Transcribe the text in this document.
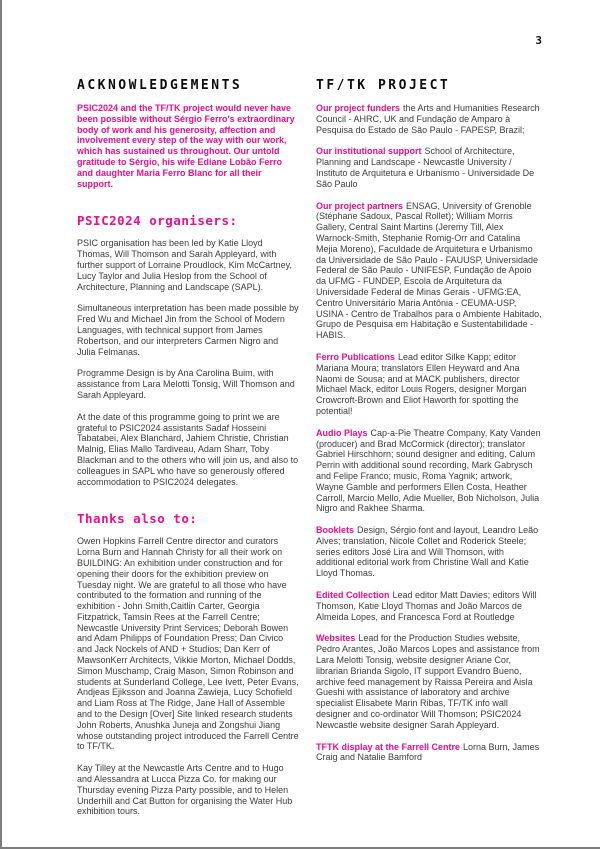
3
ACKNOWLEDGEMENTS

PSIC2024 and the TF/TK project would never have been possible without Sérgio Ferro's extraordinary body of work and his generosity, affection and involvement every step of the way with our work, which has sustained us throughout. Our untold gratitude to Sérgio, his wife Ediane Lobão Ferro and daughter Maria Ferro Blanc for all their support.

PSIC2024 organisers:

PSIC organisation has been led by Katie Lloyd Thomas, Will Thomson and Sarah Appleyard, with further support of Lorraine Proudlock, Kim McCartney, Lucy Taylor and Julia Heslop from the School of Architecture, Planning and Landscape (SAPL).

Simultaneous interpretation has been made possible by Fred Wu and Michael Jin from the School of Modern Languages, with technical support from James Robertson, and our interpreters Carmen Nigro and Julia Felmanas.

Programme Design is by Ana Carolina Buim, with assistance from Lara Melotti Tonsig, Will Thomson and Sarah Appleyard.

At the date of this programme going to print we are grateful to PSIC2024 assistants Sadaf Hosseini Tabatabei, Alex Blanchard, Jahiem Christie, Christian Malnig, Elias Mallo Tardiveau, Adam Sharr, Toby Blackman and to the others who will join us, and also to colleagues in SAPL who have so generously offered accommodation to PSIC2024 delegates.

Thanks also to:

Owen Hopkins Farrell Centre director and curators Lorna Burn and Hannah Christy for all their work on BUILDING: An exhibition under construction and for opening their doors for the exhibition preview on Tuesday night. We are grateful to all those who have contributed to the formation and running of the exhibition - John Smith,Caitlin Carter, Georgia Fitzpatrick, Tamsin Rees at the Farrell Centre; Newcastle University Print Services; Deborah Bowen and Adam Philipps of Foundation Press; Dan Civico and Jack Nockels of AND + Studios; Dan Kerr of MawsonKerr Architects, Vikkie Morton, Michael Dodds, Simon Muschamp, Craig Mason, Simon Robinson and students at Sunderland College, Lee Ivett, Peter Evans, Andjeas Ejiksson and Joanna Zawieja, Lucy Schofield and Liam Ross at The Ridge, Jane Hall of Assemble and to the Design [Over] Site linked research students John Roberts, Anushka Juneja and Zongshui Jiang whose outstanding project introduced the Farrell Centre to TF/TK.

Kay Tilley at the Newcastle Arts Centre and to Hugo and Alessandra at Lucca Pizza Co. for making our Thursday evening Pizza Party possible, and to Helen Underhill and Cat Button for organising the Water Hub exhibition tours.

TF/TK PROJECT

Our project funders the Arts and Humanities Research Council - AHRC, UK and Fundação de Amparo à Pesquisa do Estado de São Paulo - FAPESP, Brazil;

Our institutional support School of Architecture, Planning and Landscape - Newcastle University / Instituto de Arquitetura e Urbanismo - Universidade De São Paulo

Our project partners ENSAG, University of Grenoble (Stéphane Sadoux, Pascal Rollet); William Morris Gallery, Central Saint Martins (Jeremy Till, Alex Warnock-Smith, Stephanie Romig-Orr and Catalina Mejia Moreno), Faculdade de Arquitetura e Urbanismo da Universidade de São Paulo - FAUUSP, Universidade Federal de São Paulo - UNIFESP, Fundação de Apoio da UFMG - FUNDEP, Escola de Arquitetura da Universidade Federal de Minas Gerais - UFMG:EA, Centro Universitário Maria Antônia - CEUMA-USP, USINA - Centro de Trabalhos para o Ambiente Habitado, Grupo de Pesquisa em Habitação e Sustentabilidade - HABIS.

Ferro Publications Lead editor Silke Kapp; editor Mariana Moura; translators Ellen Heyward and Ana Naomi de Sousa; and at MACK publishers, director Michael Mack, editor Louis Rogers, designer Morgan Crowcroft-Brown and Eliot Haworth for spotting the potential!

Audio Plays Cap-a-Pie Theatre Company, Katy Vanden (producer) and Brad McCormick (director); translator Gabriel Hirschhorn; sound designer and editing, Calum Perrin with additional sound recording, Mark Gabrysch and Felipe Franco; music, Roma Yagnik; artwork, Wayne Gamble and performers Ellen Costa, Heather Carroll, Marcio Mello, Adie Mueller, Bob Nicholson, Julia Nigro and Rakhee Sharma.

Booklets Design, Sérgio font and layout, Leandro Leão Alves; translation, Nicole Collet and Roderick Steele; series editors José Lira and Will Thomson, with additional editorial work from Christine Wall and Katie Lloyd Thomas.

Edited Collection Lead editor Matt Davies; editors Will Thomson, Katie Lloyd Thomas and João Marcos de Almeida Lopes, and Francesca Ford at Routledge

Websites Lead for the Production Studies website, Pedro Arantes, João Marcos Lopes and assistance from Lara Melotti Tonsig, website designer Ariane Cor, librarian Brianda Sigolo, IT support Evandro Bueno, archive feed management by Raissa Pereira and Aisla Gueshi with assistance of laboratory and archive specialist Elisabete Marin Ribas, TF/TK info wall designer and co-ordinator Will Thomson; PSIC2024 Newcastle website designer Sarah Appleyard.

TFTK display at the Farrell Centre Lorna Burn, James Craig and Natalie Bamford
